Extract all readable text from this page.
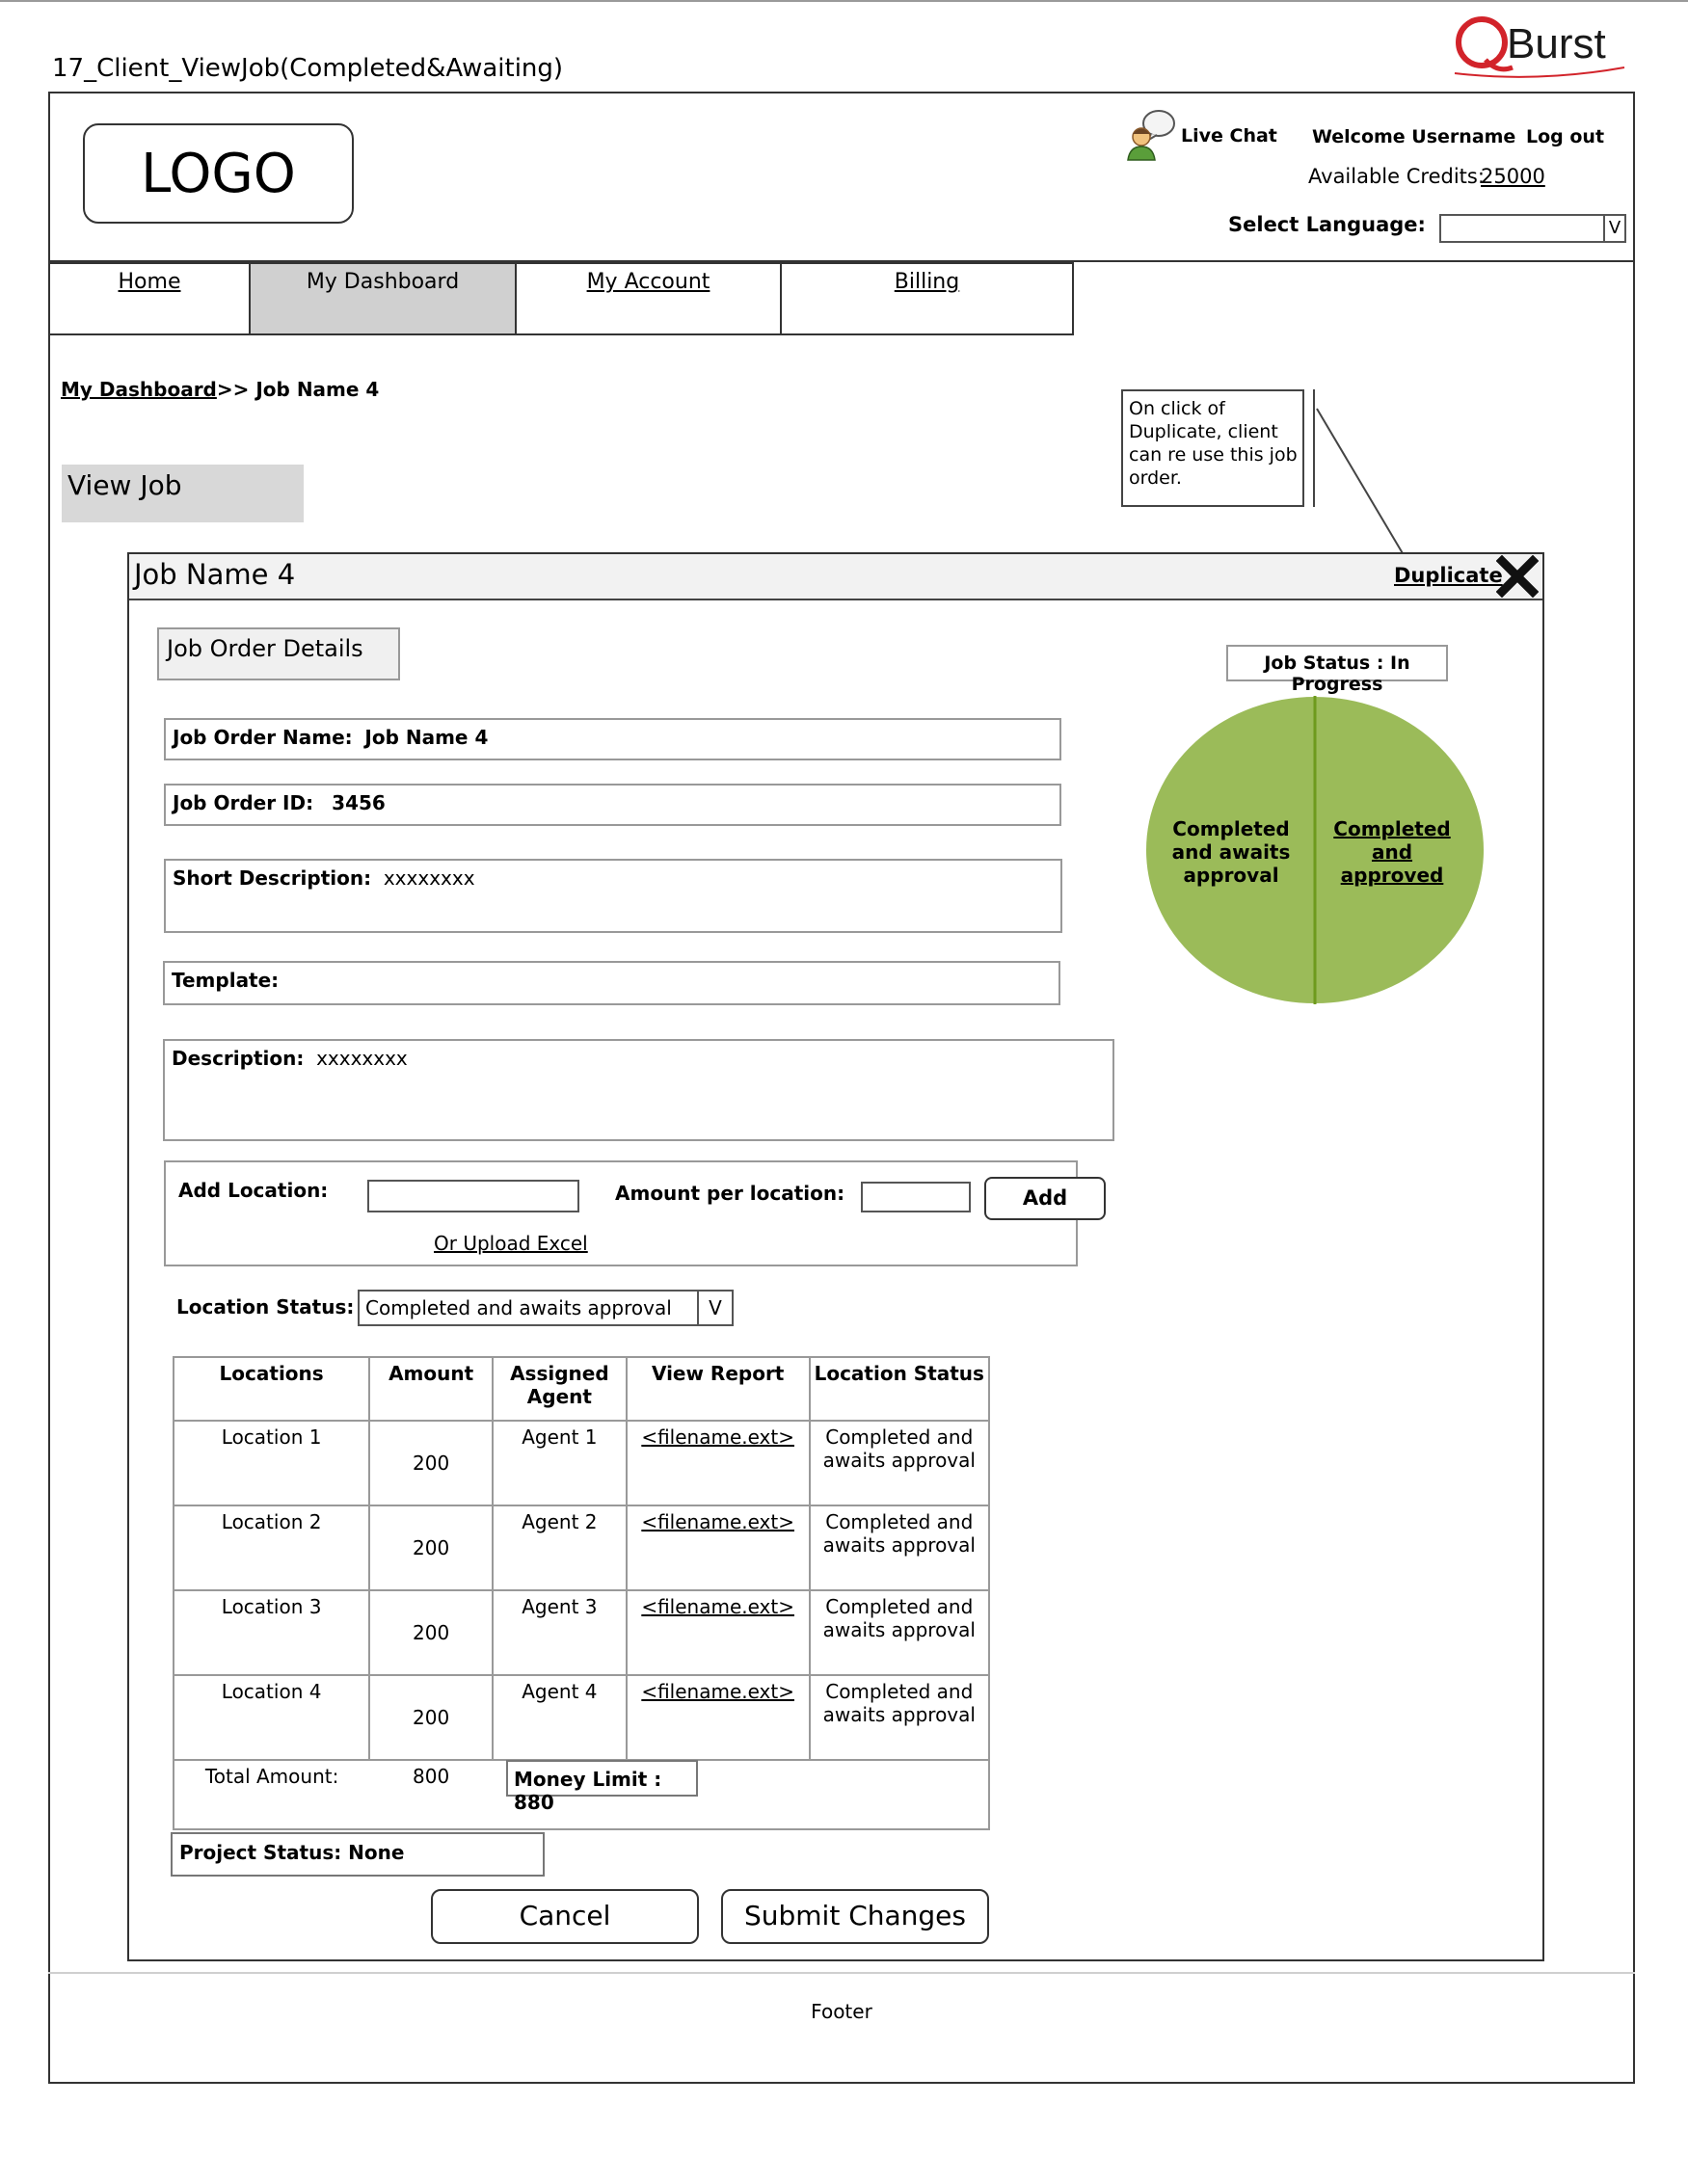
17_Client_ViewJob(Completed&Awaiting)
Burst
LOGO
Live Chat Welcome Username Log out
Available Credits:
25000
Select Language:	V
Home	My Dashboard	My Account	Billing
My Dashboard>> Job Name 4
View Job
On click of Duplicate, client can re use this job order.
Job Name 4	Duplicate
Job Order Details
Job Order Name: Job Name 4
Job Order ID: 3456
Short Description: xxxxxxxx
Template:
Description: xxxxxxxx
Job Status : In Progress
Completed and awaits approval
Completed and approved
Add Location:	Amount per location:	Add
Or Upload Excel
Location Status: Completed and awaits approval	V
Locations	Amount	Assigned Agent	View Report	Location Status
Location 1	200	Agent 1	<filename.ext>	Completed and awaits approval
Location 2	200	Agent 2	<filename.ext>	Completed and awaits approval
Location 3	200	Agent 3	<filename.ext>	Completed and awaits approval
Location 4	200	Agent 4	<filename.ext>	Completed and awaits approval
Total Amount:	800				Money Limit : 880
Project Status: None
Cancel	Submit Changes
Footer
